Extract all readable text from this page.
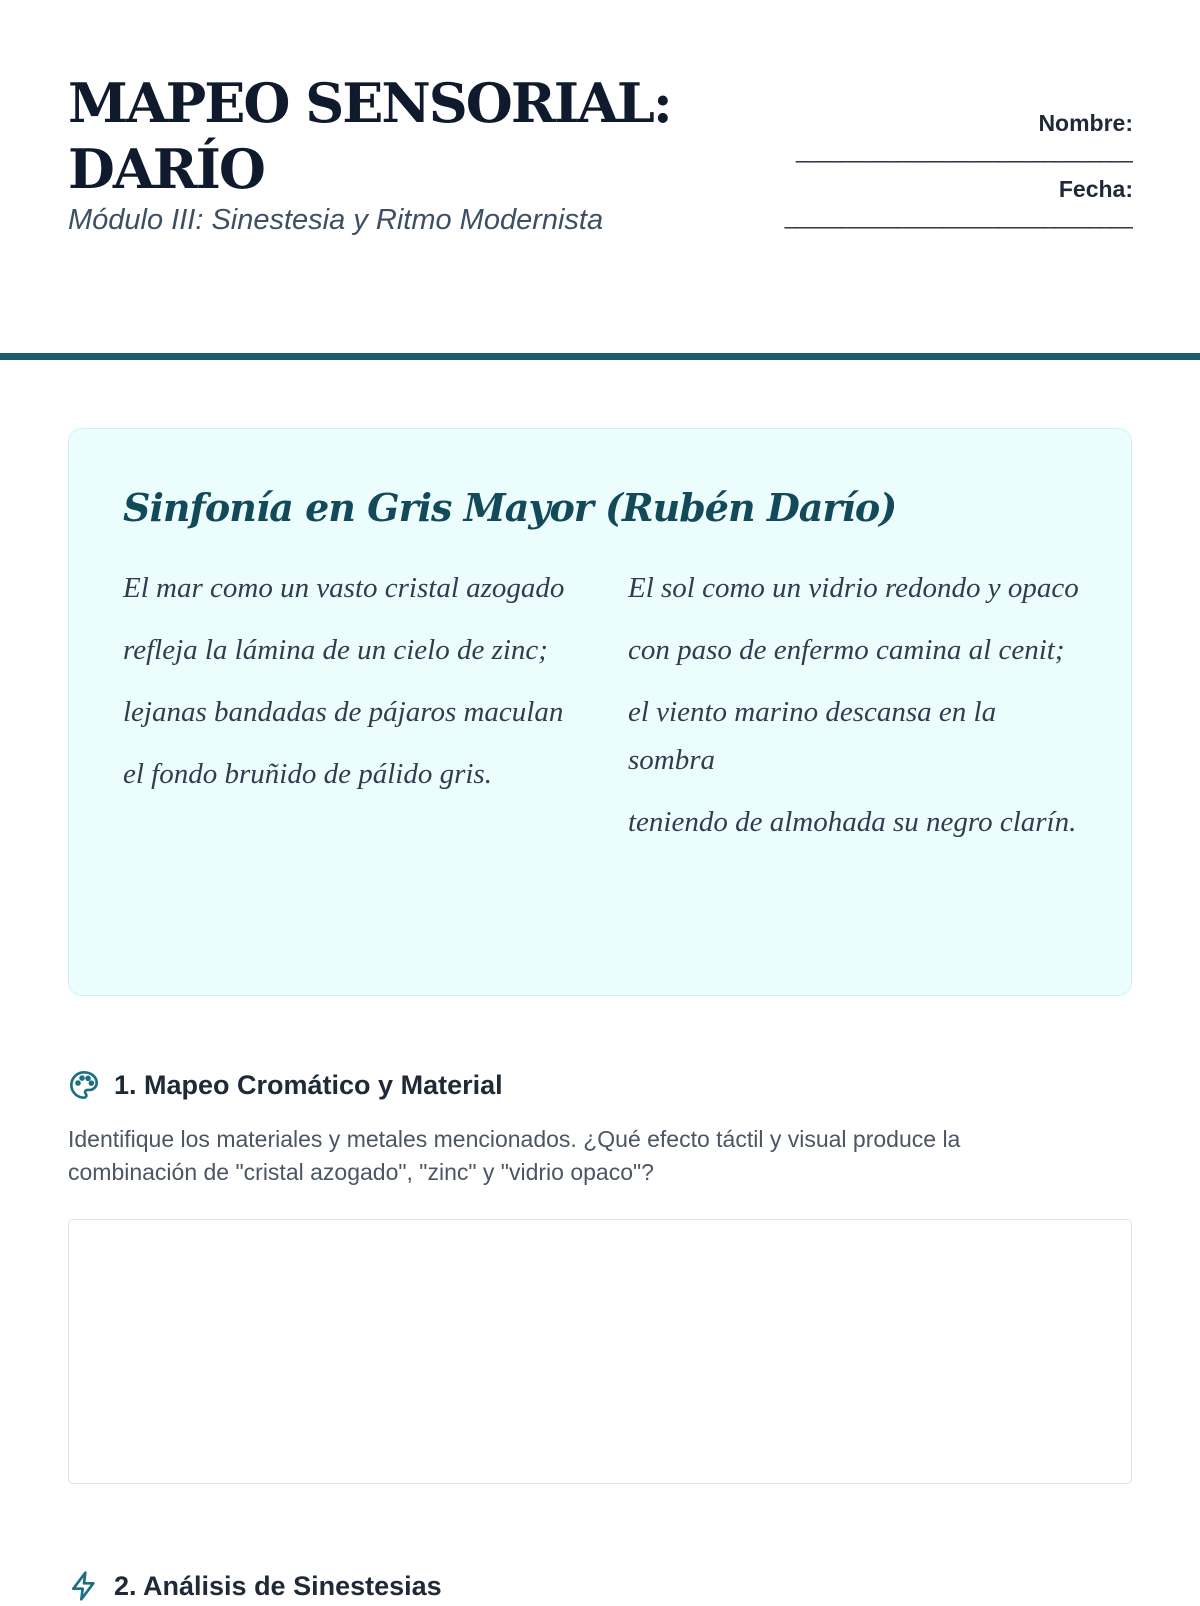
MAPEO SENSORIAL:
DARÍO
Módulo III: Sinestesia y Ritmo Modernista
Nombre:
______________________________
Fecha:
_______________________________
Sinfonía en Gris Mayor (Rubén Darío)
El mar como un vasto cristal azogado
refleja la lámina de un cielo de zinc;
lejanas bandadas de pájaros maculan
el fondo bruñido de pálido gris.
El sol como un vidrio redondo y opaco
con paso de enfermo camina al cenit;
el viento marino descansa en la sombra
teniendo de almohada su negro clarín.
1. Mapeo Cromático y Material
Identifique los materiales y metales mencionados. ¿Qué efecto táctil y visual produce la combinación de "cristal azogado", "zinc" y "vidrio opaco"?
2. Análisis de Sinestesias
